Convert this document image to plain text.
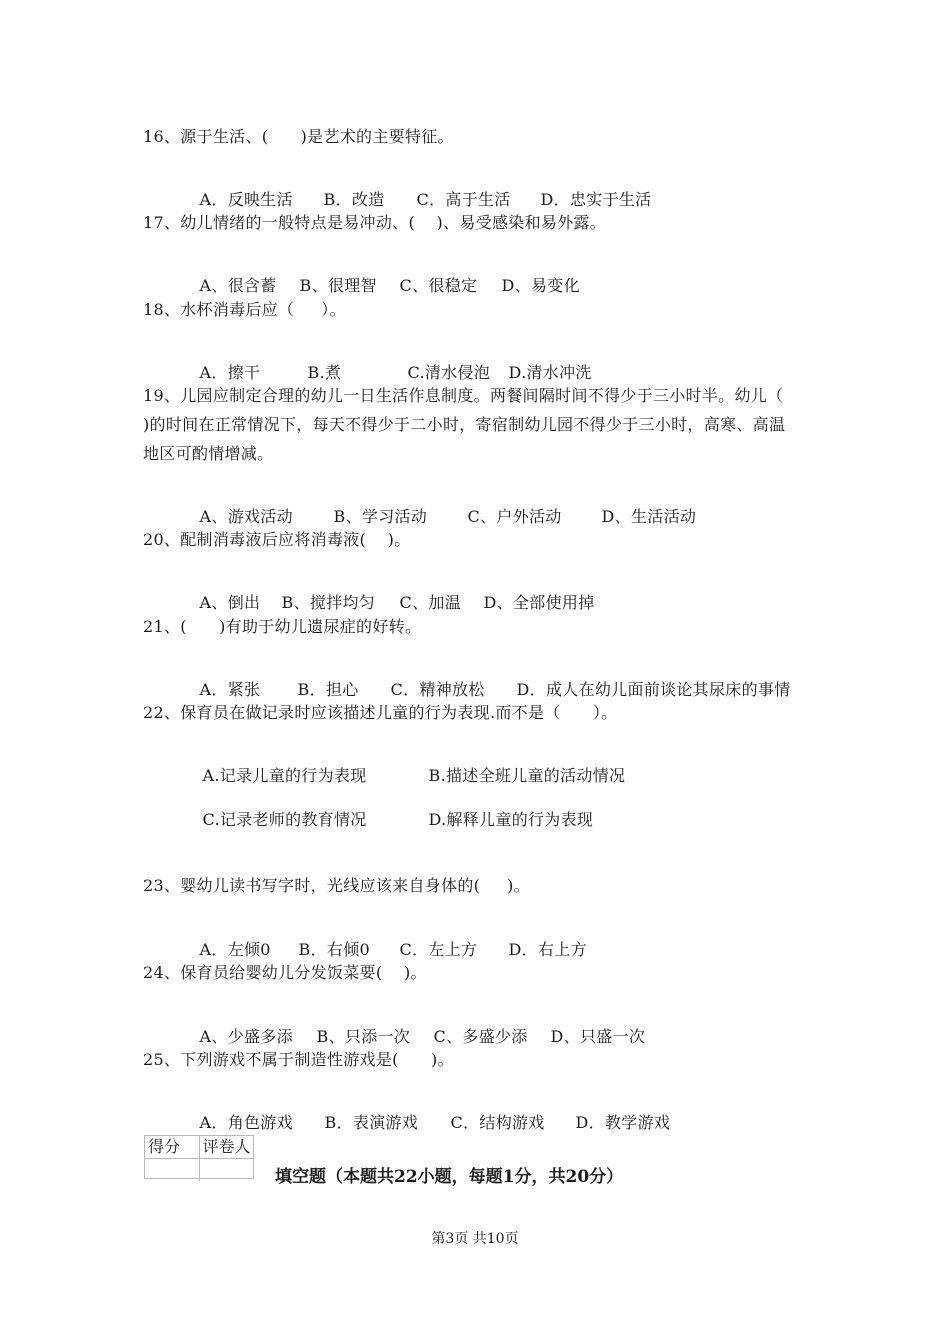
16、源于生活、(      )是艺术的主要特征。

A．反映生活 B．改造 C．高于生活 D．忠实于生活

17、幼儿情绪的一般特点是易冲动、(    )、易受感染和易外露。

A、很含蓄 B、很理智 C、很稳定 D、易变化

18、水杯消毒后应（     ）。

A．擦干	B.煮	C.清水侵泡 D.清水冲洗

19、儿园应制定合理的幼儿一日生活作息制度。两餐间隔时间不得少于三小时半。幼儿（
)的时间在正常情况下，每天不得少于二小时，寄宿制幼儿园不得少于三小时，高寒、高温
地区可酌情增减。

A、游戏活动	B、学习活动	C、户外活动 D、生活活动

20、配制消毒液后应将消毒液(    )。

A、倒出 B、搅拌均匀 C、加温 D、全部使用掉

21、(      )有助于幼儿遗尿症的好转。

A．紧张 B．担心 C．精神放松 D．成人在幼儿面前谈论其尿床的事情

22、保育员在做记录时应该描述儿童的行为表现.而不是（      ）。

A.记录儿童的行为表现	B.描述全班儿童的活动情况

C.记录老师的教育情况	D.解释儿童的行为表现

23、婴幼儿读书写字时，光线应该来自身体的(     )。

A．左倾0 B．右倾0 C．左上方 D．右上方

24、保育员给婴幼儿分发饭菜要(    )。

A、少盛多添 B、只添一次 C、多盛少添 D、只盛一次

25、下列游戏不属于制造性游戏是(      )。

A．角色游戏 B．表演游戏 C．结构游戏 D．教学游戏

得分	评卷人
填空题（本题共22小题，每题1分，共20分）
第3页 共10页
